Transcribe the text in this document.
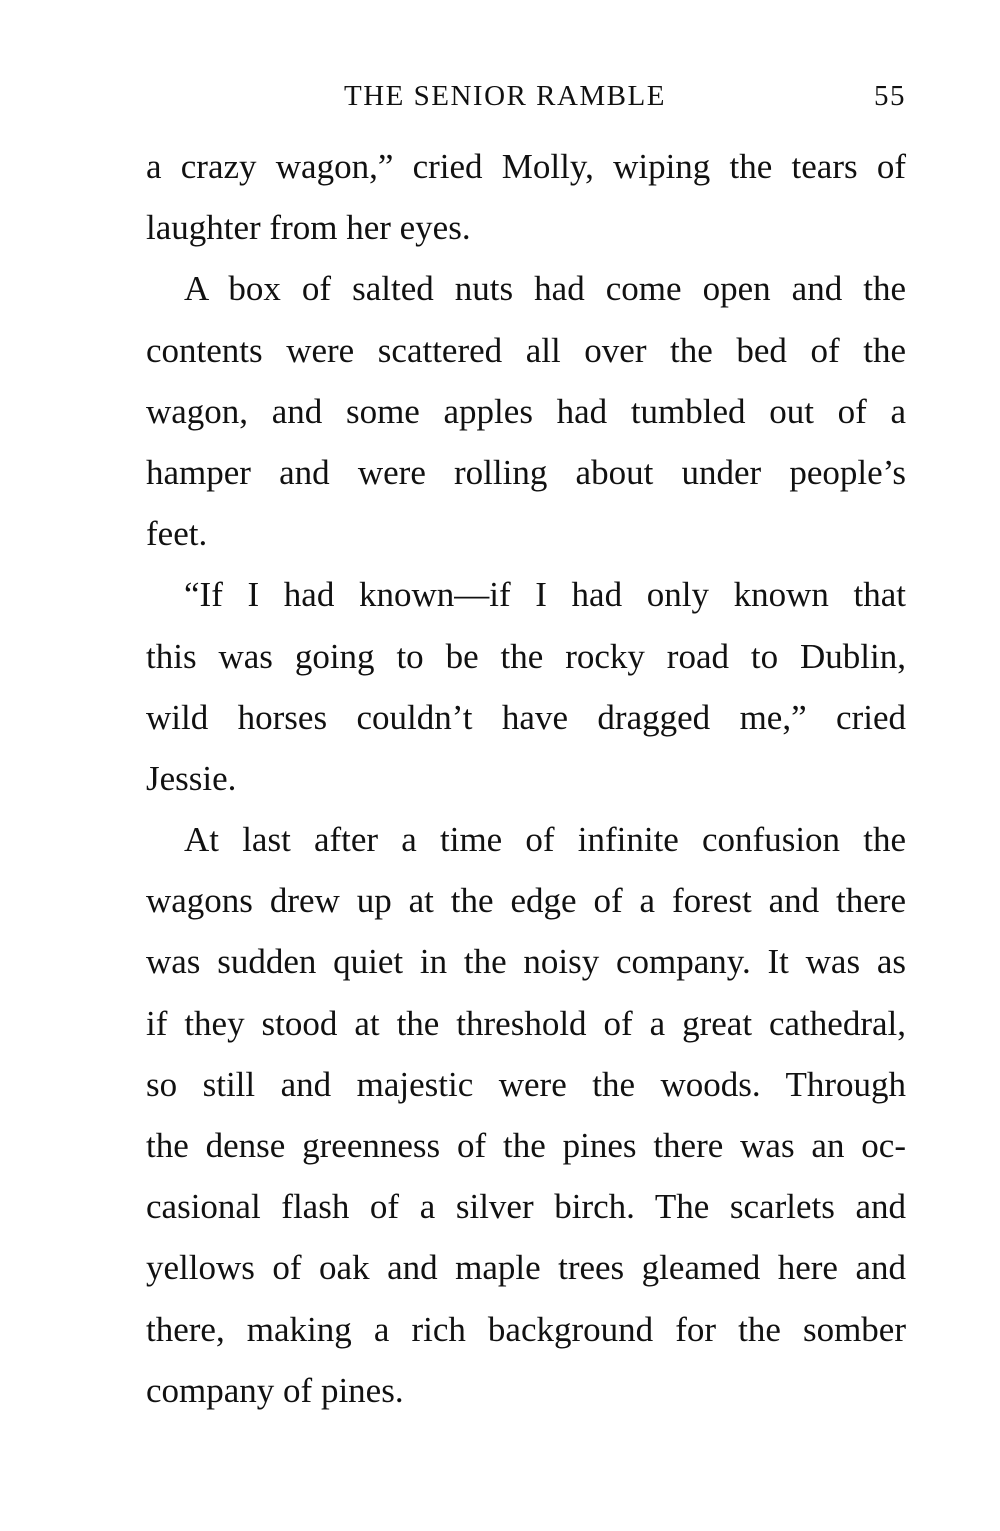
THE SENIOR RAMBLE	55
a crazy wagon,” cried Molly, wiping the tears of
laughter from her eyes.
A box of salted nuts had come open and the
contents were scattered all over the bed of the
wagon, and some apples had tumbled out of a
hamper and were rolling about under people’s
feet.
“If I had known—if I had only known that
this was going to be the rocky road to Dublin,
wild horses couldn’t have dragged me,” cried
Jessie.
At last after a time of infinite confusion the
wagons drew up at the edge of a forest and there
was sudden quiet in the noisy company. It was as
if they stood at the threshold of a great cathedral,
so still and majestic were the woods. Through
the dense greenness of the pines there was an oc-
casional flash of a silver birch. The scarlets and
yellows of oak and maple trees gleamed here and
there, making a rich background for the somber
company of pines.
